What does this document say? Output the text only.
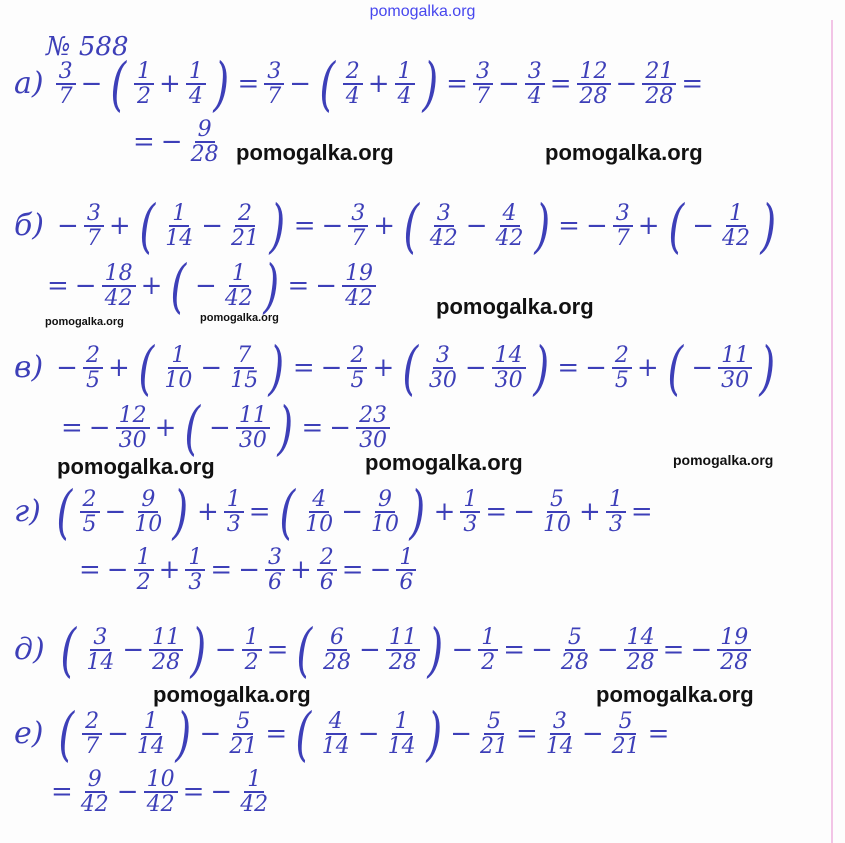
pomogalka.org
№ 588
$а) \frac{3}{7}$ − ( $\frac{1}{2} + \frac{1}{4}$ ) = $\frac{3}{7}$ − ( $\frac{2}{4} + \frac{1}{4}$ ) = $\frac{3}{7} - \frac{3}{4} = \frac{12}{28} - \frac{21}{28}$ =
= − $\frac{9}{28}$
$б) - \frac{3}{7}$ + ( $\frac{1}{14} - \frac{2}{21}$ ) = − $\frac{3}{7}$ + ( $\frac{3}{42} - \frac{4}{42}$ ) = − $\frac{3}{7}$ + ( − $\frac{1}{42}$ )
= − $\frac{18}{42}$ + ( − $\frac{1}{42}$ ) = − $\frac{19}{42}$
$в) - \frac{2}{5}$ + ( $\frac{1}{10} - \frac{7}{15}$ ) = − $\frac{2}{5}$ + ( $\frac{3}{30} - \frac{14}{30}$ ) = − $\frac{2}{5}$ + ( − $\frac{11}{30}$ )
= − $\frac{12}{30}$ + ( − $\frac{11}{30}$ ) = − $\frac{23}{30}$
г) ( $\frac{2}{5} - \frac{9}{10}$ ) + $\frac{1}{3}$ = ( $\frac{4}{10} - \frac{9}{10}$ ) + $\frac{1}{3}$ = − $\frac{5}{10} + \frac{1}{3}$ =
= − $\frac{1}{2} + \frac{1}{3}$ = − $\frac{3}{6} + \frac{2}{6}$ = − $\frac{1}{6}$
д) ( $\frac{3}{14} - \frac{11}{28}$ ) − $\frac{1}{2}$ = ( $\frac{6}{28} - \frac{11}{28}$ ) − $\frac{1}{2}$ = − $\frac{5}{28} - \frac{14}{28}$ = − $\frac{19}{28}$
е) ( $\frac{2}{7} - \frac{1}{14}$ ) − $\frac{5}{21}$ = ( $\frac{4}{14} - \frac{1}{14}$ ) − $\frac{5}{21} = \frac{3}{14} - \frac{5}{21}$ =
= $\frac{9}{42} - \frac{10}{42}$ = − $\frac{1}{42}$
pomogalka.org	pomogalka.org
pomogalka.org
pomogalka.org	pomogalka.org
pomogalka.org	pomogalka.org	pomogalka.org
pomogalka.org	pomogalka.org
